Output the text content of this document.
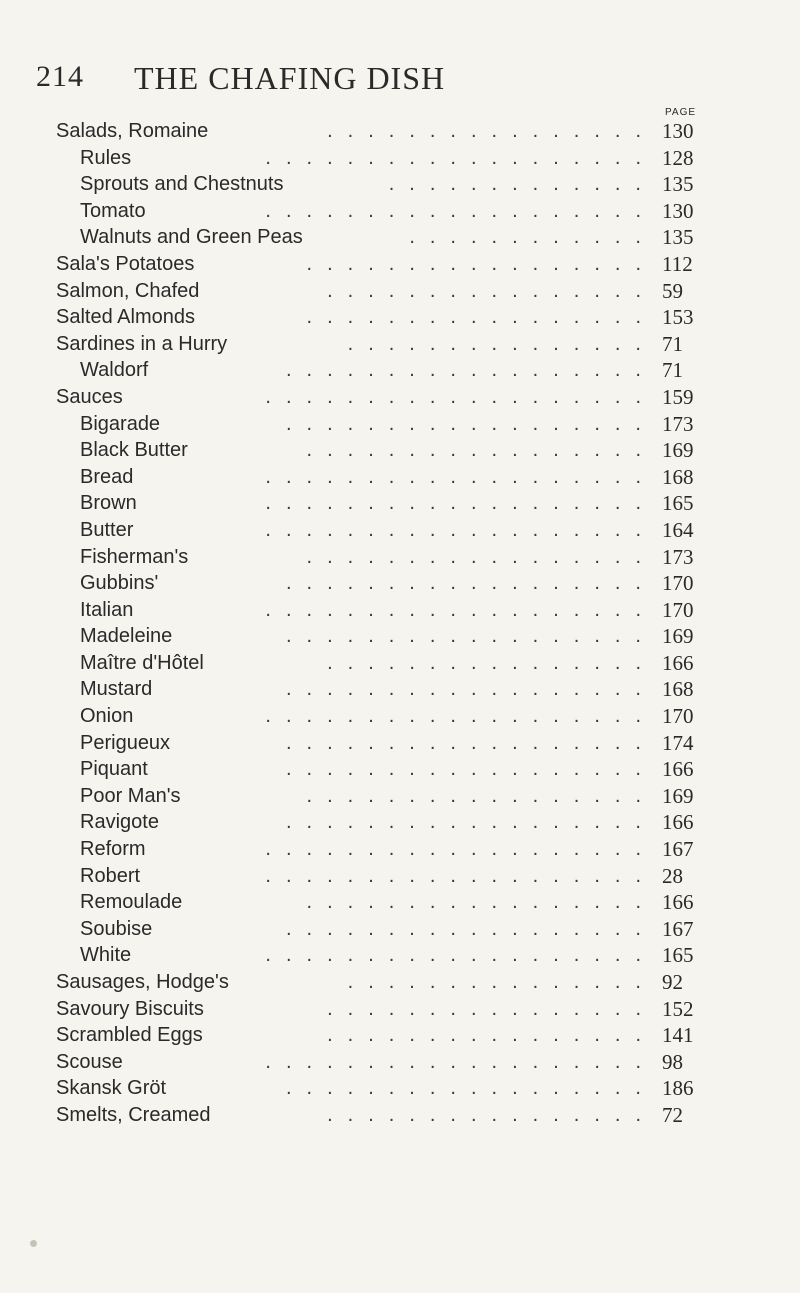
214 THE CHAFING DISH
PAGE
Salads, Romaine	................ 130
Rules	................... 128
Sprouts and Chestnuts	............. 135
Tomato	................... 130
Walnuts and Green Peas	............ 135
Sala's Potatoes	................. 112
Salmon, Chafed	................ 59
Salted Almonds	................. 153
Sardines in a Hurry	............... 71
Waldorf	.................. 71
Sauces	................... 159
Bigarade	.................. 173
Black Butter	................. 169
Bread	................... 168
Brown	................... 165
Butter	................... 164
Fisherman's	................. 173
Gubbins'	.................. 170
Italian	................... 170
Madeleine	.................. 169
Maître d'Hôtel	................ 166
Mustard	.................. 168
Onion	................... 170
Perigueux	.................. 174
Piquant	.................. 166
Poor Man's	................. 169
Ravigote	.................. 166
Reform	................... 167
Robert	................... 28
Remoulade	................. 166
Soubise	.................. 167
White	................... 165
Sausages, Hodge's	............... 92
Savoury Biscuits	................ 152
Scrambled Eggs	................ 141
Scouse	................... 98
Skansk Gröt	.................. 186
Smelts, Creamed	................ 72
